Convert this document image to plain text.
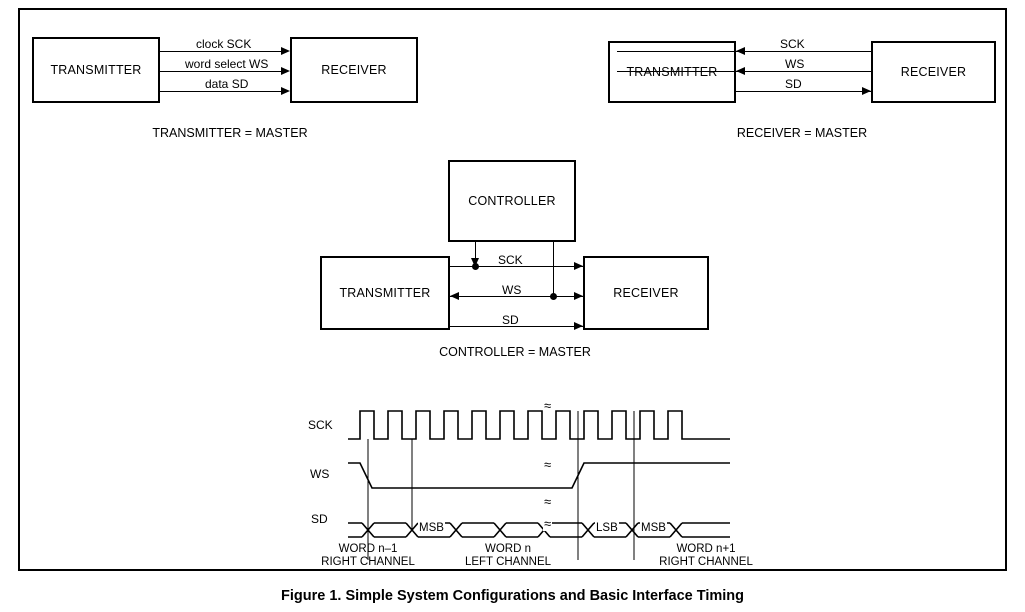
TRANSMITTER	RECEIVER
clock SCK
word select WS
data SD
TRANSMITTER = MASTER
TRANSMITTER	RECEIVER
SCK
WS
SD
RECEIVER = MASTER
CONTROLLER
TRANSMITTER	RECEIVER
SCK
WS
SD
CONTROLLER = MASTER
SCK
WS
SD
≈
≈
≈
≈
MSB	LSB MSB
WORD n–1
RIGHT CHANNEL
WORD n
LEFT CHANNEL
WORD n+1
RIGHT CHANNEL
Figure 1. Simple System Configurations and Basic Interface Timing
